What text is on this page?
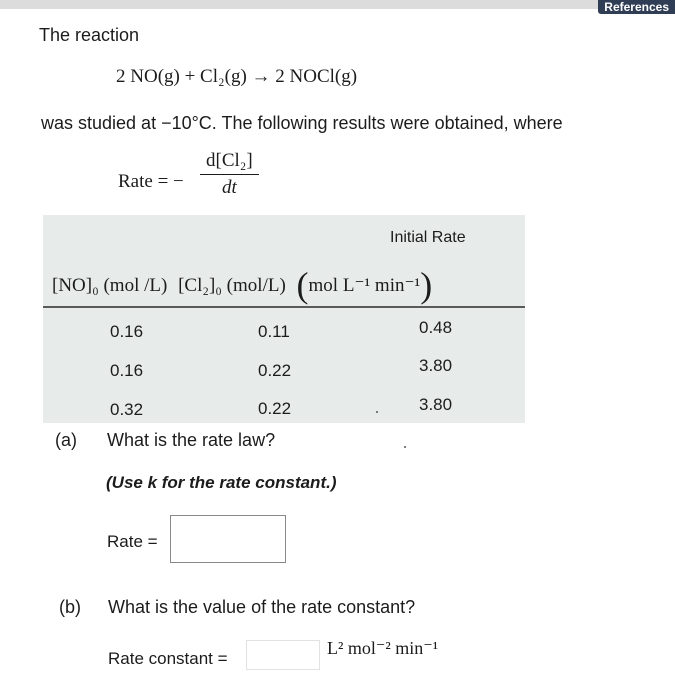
References
The reaction
2 NO(g) + Cl₂(g) → 2 NOCl(g)
was studied at −10°C. The following results were obtained, where
Rate = − $\frac{\text{d[Cl₂]}}{dt}$
Initial Rate
[NO]₀ (mol /L) [Cl₂]₀ (mol/L) (mol L⁻¹ min⁻¹)
0.16	0.11	0.48
0.16	0.22	3.80
0.32	0.22	3.80
(a) What is the rate law?
(Use k for the rate constant.)
Rate =
(b) What is the value of the rate constant?
Rate constant =
L² mol⁻² min⁻¹
